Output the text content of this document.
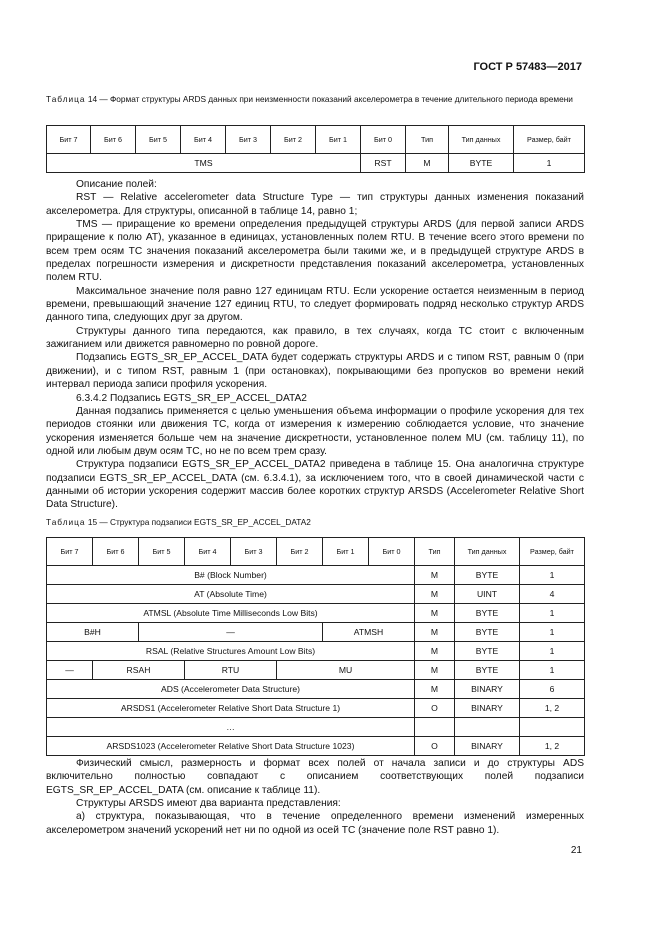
ГОСТ Р 57483—2017
Таблица 14 — Формат структуры ARDS данных при неизменности показаний акселерометра в течение длительного периода времени
Бит 7	Бит 6	Бит 5	Бит 4	Бит 3	Бит 2	Бит 1	Бит 0	Тип	Тип данных	Размер, байт
TMS							RST	M	BYTE	1

Описание полей:

RST — Relative accelerometer data Structure Type — тип структуры данных изменения показаний акселерометра. Для структуры, описанной в таблице 14, равно 1;

TMS — приращение ко времени определения предыдущей структуры ARDS (для первой записи ARDS приращение к полю AT), указанное в единицах, установленных полем RTU. В течение всего этого времени по всем трем осям ТС значения показаний акселерометра были такими же, и в предыдущей структуре ARDS в пределах погрешности измерения и дискретности представления показаний акселерометра, установленных полем RTU.

Максимальное значение поля равно 127 единицам RTU. Если ускорение остается неизменным в период времени, превышающий значение 127 единиц RTU, то следует формировать подряд несколько структур ARDS данного типа, следующих друг за другом.

Структуры данного типа передаются, как правило, в тех случаях, когда ТС стоит с включенным зажиганием или движется равномерно по ровной дороге.

Подзапись EGTS_SR_EP_ACCEL_DATA будет содержать структуры ARDS и с типом RST, равным 0 (при движении), и с типом RST, равным 1 (при остановках), покрывающими без пропусков во времени некий интервал периода записи профиля ускорения.

6.3.4.2 Подзапись EGTS_SR_EP_ACCEL_DATA2

Данная подзапись применяется с целью уменьшения объема информации о профиле ускорения для тех периодов стоянки или движения ТС, когда от измерения к измерению соблюдается условие, что значение ускорения изменяется больше чем на значение дискретности, установленное полем MU (см. таблицу 11), по одной или любым двум осям ТС, но не по всем трем сразу.

Структура подзаписи EGTS_SR_EP_ACCEL_DATA2 приведена в таблице 15. Она аналогична структуре подзаписи EGTS_SR_EP_ACCEL_DATA (см. 6.3.4.1), за исключением того, что в своей динамической части с данными об истории ускорения содержит массив более коротких структур ARSDS (Accelerometer Relative Short Data Structure).

Таблица 15 — Структура подзаписи EGTS_SR_EP_ACCEL_DATA2
Бит 7	Бит 6	Бит 5	Бит 4	Бит 3	Бит 2	Бит 1	Бит 0	Тип	Тип данных	Размер, байт
B# (Block Number)								M	BYTE	1
AT (Absolute Time)								M	UINT	4
ATMSL (Absolute Time Milliseconds Low Bits)								M	BYTE	1
B#H		—				ATMSH		M	BYTE	1
RSAL (Relative Structures Amount Low Bits)								M	BYTE	1
—	RSAH		RTU		MU			M	BYTE	1
ADS (Accelerometer Data Structure)								M	BINARY	6
ARSDS1 (Accelerometer Relative Short Data Structure 1)								O	BINARY	1, 2
…										
ARSDS1023 (Accelerometer Relative Short Data Structure 1023)								O	BINARY	1, 2

Физический смысл, размерность и формат всех полей от начала записи и до структуры ADS включительно полностью совпадают с описанием соответствующих полей подзаписи EGTS_SR_EP_ACCEL_DATA (см. описание к таблице 11).

Структуры ARSDS имеют два варианта представления:

а) структура, показывающая, что в течение определенного времени изменений измеренных акселерометром значений ускорений нет ни по одной из осей ТС (значение поле RST равно 1).

21
